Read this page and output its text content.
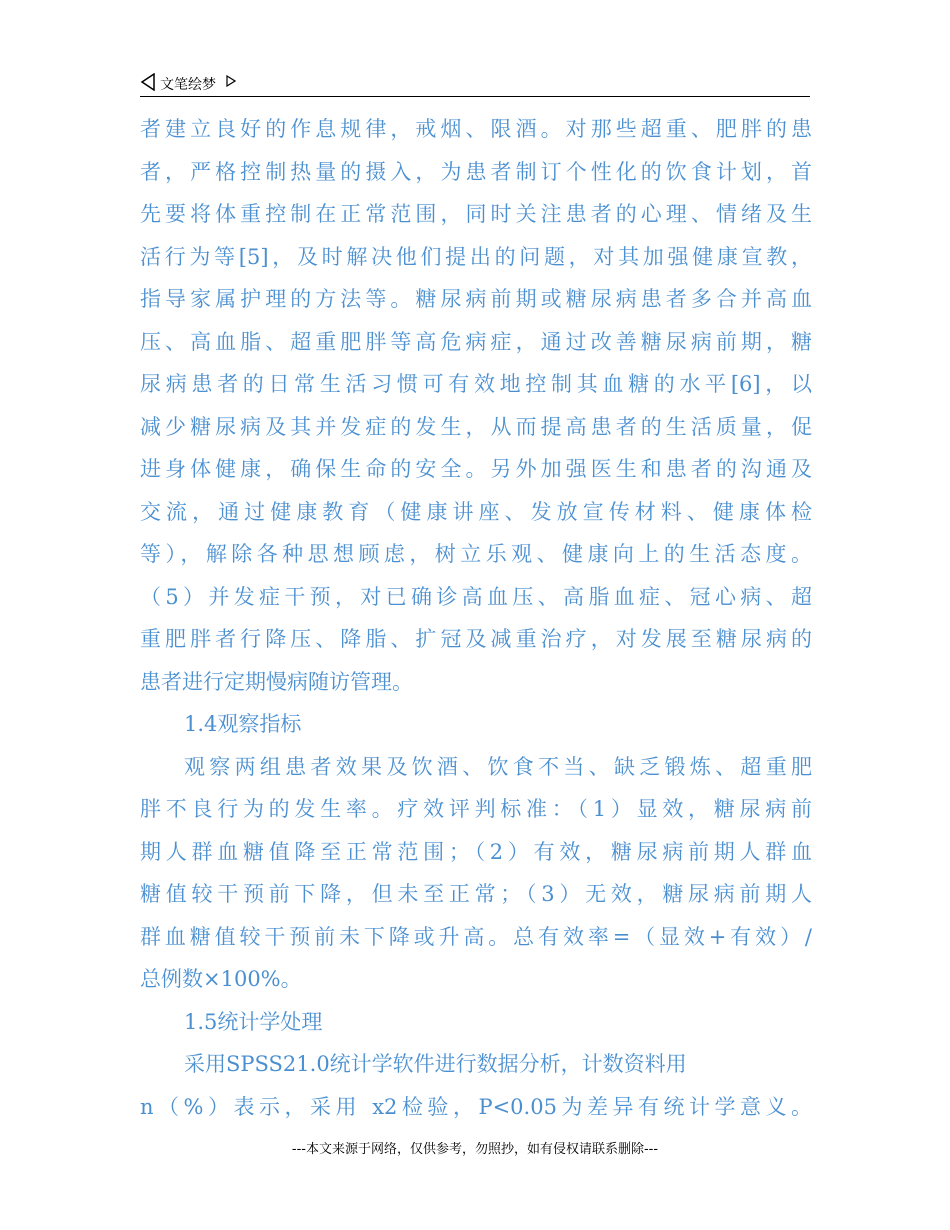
文笔绘梦
者建立良好的作息规律，戒烟、限酒。对那些超重、肥胖的患
者，严格控制热量的摄入，为患者制订个性化的饮食计划，首
先要将体重控制在正常范围，同时关注患者的心理、情绪及生
活行为等[5]，及时解决他们提出的问题，对其加强健康宣教，
指导家属护理的方法等。糖尿病前期或糖尿病患者多合并高血
压、高血脂、超重肥胖等高危病症，通过改善糖尿病前期，糖
尿病患者的日常生活习惯可有效地控制其血糖的水平[6]，以
减少糖尿病及其并发症的发生，从而提高患者的生活质量，促
进身体健康，确保生命的安全。另外加强医生和患者的沟通及
交流，通过健康教育（健康讲座、发放宣传材料、健康体检
等），解除各种思想顾虑，树立乐观、健康向上的生活态度。
（5）并发症干预，对已确诊高血压、高脂血症、冠心病、超
重肥胖者行降压、降脂、扩冠及减重治疗，对发展至糖尿病的
患者进行定期慢病随访管理。
1.4观察指标
观察两组患者效果及饮酒、饮食不当、缺乏锻炼、超重肥
胖不良行为的发生率。疗效评判标准：（1）显效，糖尿病前
期人群血糖值降至正常范围；（2）有效，糖尿病前期人群血
糖值较干预前下降，但未至正常；（3）无效，糖尿病前期人
群血糖值较干预前未下降或升高。总有效率=（显效+有效）/
总例数×100%。
1.5统计学处理
采用SPSS21.0统计学软件进行数据分析，计数资料用
n（%）表示，采用 x2检验，P<0.05为差异有统计学意义。
---本文来源于网络，仅供参考，勿照抄，如有侵权请联系删除---
